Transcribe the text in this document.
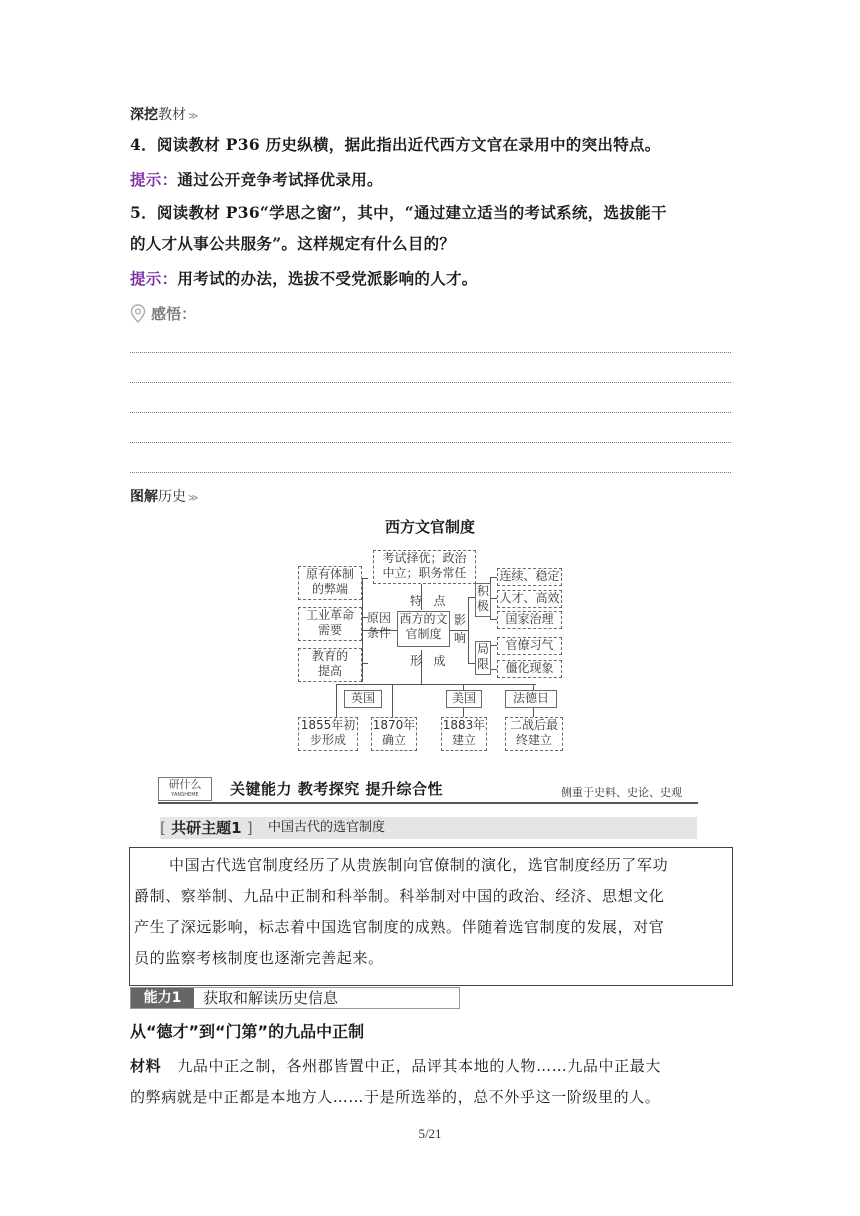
深挖教材 ≫
4．阅读教材 P36 历史纵横，据此指出近代西方文官在录用中的突出特点。
提示：通过公开竞争考试择优录用。
5．阅读教材 P36“学思之窗”，其中，“通过建立适当的考试系统，选拔能干
的人才从事公共服务”。这样规定有什么目的？
提示：用考试的办法，选拔不受党派影响的人才。
感悟：
图解历史 ≫
西方文官制度
考试择优；政治
中立；职务常任
特 点
原有体制
的弊端
工业革命
需要
教育的
提高
原因
条件
西方的文
官制度
影
响
形 成
积
极
局
限
连续、稳定
人才、高效
国家治理
官僚习气
僵化现象
英国	美国	法德日
1855年初
步形成
1870年
确立
1883年
建立
二战后最
终建立
研什么
YANSHEME	关键能力 教考探究 提升综合性	侧重于史料、史论、史观
[ 共研主题1 ] 中国古代的选官制度
中国古代选官制度经历了从贵族制向官僚制的演化，选官制度经历了军功
爵制、察举制、九品中正制和科举制。科举制对中国的政治、经济、思想文化
产生了深远影响，标志着中国选官制度的成熟。伴随着选官制度的发展，对官
员的监察考核制度也逐渐完善起来。
能力1	获取和解读历史信息
从“德才”到“门第”的九品中正制
材料 九品中正之制，各州郡皆置中正，品评其本地的人物……九品中正最大
的弊病就是中正都是本地方人……于是所选举的，总不外乎这一阶级里的人。
5/21
